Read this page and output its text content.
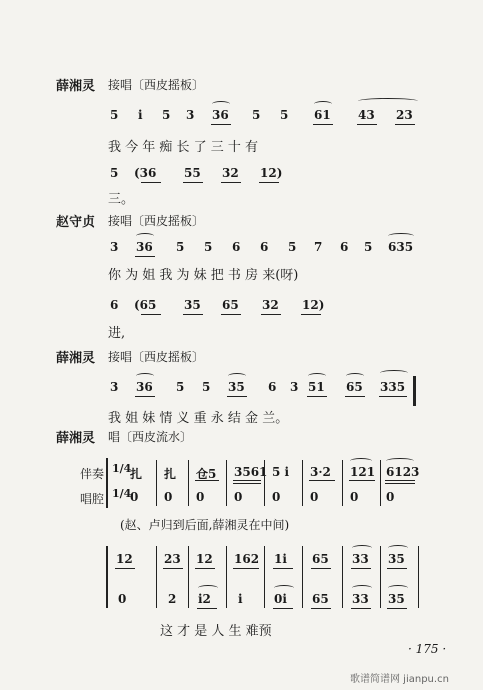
薛湘灵 接唱〔西皮摇板〕
5 i 5 3 36 5 5 61 43 23
我 今 年 痴 长 了 三 十 有
5 (36 55 32 12)
三。
赵守贞 接唱〔西皮摇板〕
3 36 5 5 6 6 5 7 6 5 635
你 为 姐 我 为 妹 把 书 房 来(呀)
6 (65 35 65 32 12)
进,
薛湘灵 接唱〔西皮摇板〕
3 36 5 5 35 6 3 51 65 335
我 姐 妹 情 义 重 永 结 金 兰。
薛湘灵 唱〔西皮流水〕
伴奏
唱腔
1/4
1/4
扎 扎 仓5 3561 5 i 3·2 121 6123
0 0 0 0 0 0	0 0
(赵、卢归到后面,薛湘灵在中间)
12	23 12 162 1i 65 33 35
0	2 i2 i	0i 65 33 35
这 才 是 人 生 难预
· 175 ·
歌谱简谱网 jianpu.cn
